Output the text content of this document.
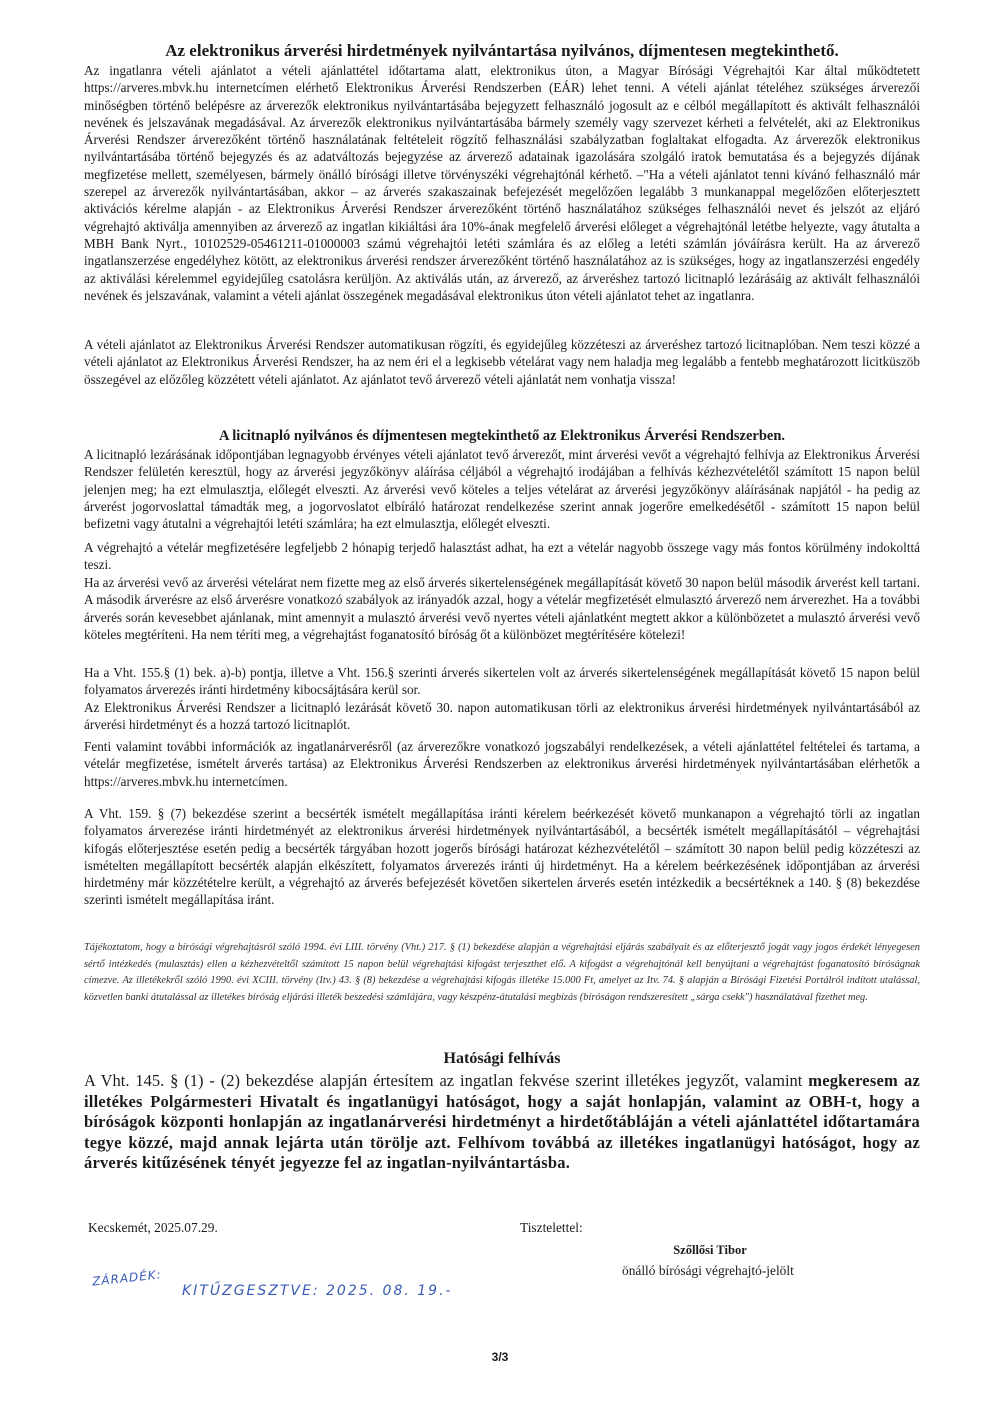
Az elektronikus árverési hirdetmények nyilvántartása nyilvános, díjmentesen megtekinthető.

Az ingatlanra vételi ajánlatot a vételi ajánlattétel időtartama alatt, elektronikus úton, a Magyar Bírósági Végrehajtói Kar által működtetett https://arveres.mbvk.hu internetcímen elérhető Elektronikus Árverési Rendszerben (EÁR) lehet tenni. A vételi ajánlat tételéhez szükséges árverezői minőségben történő belépésre az árverezők elektronikus nyilvántartásába bejegyzett felhasználó jogosult az e célból megállapított és aktivált felhasználói nevének és jelszavának megadásával. Az árverezők elektronikus nyilvántartásába bármely személy vagy szervezet kérheti a felvételét, aki az Elektronikus Árverési Rendszer árverezőként történő használatának feltételeit rögzítő felhasználási szabályzatban foglaltakat elfogadta. Az árverezők elektronikus nyilvántartásába történő bejegyzés és az adatváltozás bejegyzése az árverező adatainak igazolására szolgáló iratok bemutatása és a bejegyzés díjának megfizetése mellett, személyesen, bármely önálló bírósági illetve törvényszéki végrehajtónál kérhető. –"Ha a vételi ajánlatot tenni kívánó felhasználó már szerepel az árverezők nyilvántartásában, akkor – az árverés szakaszainak befejezését megelőzően legalább 3 munkanappal megelőzően előterjesztett aktivációs kérelme alapján - az Elektronikus Árverési Rendszer árverezőként történő használatához szükséges felhasználói nevet és jelszót az eljáró végrehajtó aktiválja amennyiben az árverező az ingatlan kikiáltási ára 10%-ának megfelelő árverési előleget a végrehajtónál letétbe helyezte, vagy átutalta a MBH Bank Nyrt., 10102529-05461211-01000003 számú végrehajtói letéti számlára és az előleg a letéti számlán jóváírásra került. Ha az árverező ingatlanszerzése engedélyhez kötött, az elektronikus árverési rendszer árverezőként történő használatához az is szükséges, hogy az ingatlanszerzési engedély az aktiválási kérelemmel egyidejűleg csatolásra kerüljön. Az aktiválás után, az árverező, az árveréshez tartozó licitnapló lezárásáig az aktivált felhasználói nevének és jelszavának, valamint a vételi ajánlat összegének megadásával elektronikus úton vételi ajánlatot tehet az ingatlanra.

A vételi ajánlatot az Elektronikus Árverési Rendszer automatikusan rögzíti, és egyidejűleg közzéteszi az árveréshez tartozó licitnaplóban. Nem teszi közzé a vételi ajánlatot az Elektronikus Árverési Rendszer, ha az nem éri el a legkisebb vételárat vagy nem haladja meg legalább a fentebb meghatározott licitküszöb összegével az előzőleg közzétett vételi ajánlatot. Az ajánlatot tevő árverező vételi ajánlatát nem vonhatja vissza!

A licitnapló nyilvános és díjmentesen megtekinthető az Elektronikus Árverési Rendszerben.

A licitnapló lezárásának időpontjában legnagyobb érvényes vételi ajánlatot tevő árverezőt, mint árverési vevőt a végrehajtó felhívja az Elektronikus Árverési Rendszer felületén keresztül, hogy az árverési jegyzőkönyv aláírása céljából a végrehajtó irodájában a felhívás kézhezvételétől számított 15 napon belül jelenjen meg; ha ezt elmulasztja, előlegét elveszti. Az árverési vevő köteles a teljes vételárat az árverési jegyzőkönyv aláírásának napjától - ha pedig az árverést jogorvoslattal támadták meg, a jogorvoslatot elbíráló határozat rendelkezése szerint annak jogerőre emelkedésétől - számított 15 napon belül befizetni vagy átutalni a végrehajtói letéti számlára; ha ezt elmulasztja, előlegét elveszti.

A végrehajtó a vételár megfizetésére legfeljebb 2 hónapig terjedő halasztást adhat, ha ezt a vételár nagyobb összege vagy más fontos körülmény indokolttá teszi.

Ha az árverési vevő az árverési vételárat nem fizette meg az első árverés sikertelenségének megállapítását követő 30 napon belül második árverést kell tartani. A második árverésre az első árverésre vonatkozó szabályok az irányadók azzal, hogy a vételár megfizetését elmulasztó árverező nem árverezhet. Ha a további árverés során kevesebbet ajánlanak, mint amennyit a mulasztó árverési vevő nyertes vételi ajánlatként megtett akkor a különbözetet a mulasztó árverési vevő köteles megtéríteni. Ha nem téríti meg, a végrehajtást foganatosító bíróság őt a különbözet megtérítésére kötelezi!

Ha a Vht. 155.§ (1) bek. a)-b) pontja, illetve a Vht. 156.§ szerinti árverés sikertelen volt az árverés sikertelenségének megállapítását követő 15 napon belül folyamatos árverezés iránti hirdetmény kibocsájtására kerül sor.

Az Elektronikus Árverési Rendszer a licitnapló lezárását követő 30. napon automatikusan törli az elektronikus árverési hirdetmények nyilvántartásából az árverési hirdetményt és a hozzá tartozó licitnaplót.

Fenti valamint további információk az ingatlanárverésről (az árverezőkre vonatkozó jogszabályi rendelkezések, a vételi ajánlattétel feltételei és tartama, a vételár megfizetése, ismételt árverés tartása) az Elektronikus Árverési Rendszerben az elektronikus árverési hirdetmények nyilvántartásában elérhetők a https://arveres.mbvk.hu internetcímen.

A Vht. 159. § (7) bekezdése szerint a becsérték ismételt megállapítása iránti kérelem beérkezését követő munkanapon a végrehajtó törli az ingatlan folyamatos árverezése iránti hirdetményét az elektronikus árverési hirdetmények nyilvántartásából, a becsérték ismételt megállapításától – végrehajtási kifogás előterjesztése esetén pedig a becsérték tárgyában hozott jogerős bírósági határozat kézhezvételétől – számított 30 napon belül pedig közzéteszi az ismételten megállapított becsérték alapján elkészített, folyamatos árverezés iránti új hirdetményt. Ha a kérelem beérkezésének időpontjában az árverési hirdetmény már közzétételre került, a végrehajtó az árverés befejezését követően sikertelen árverés esetén intézkedik a becsértéknek a 140. § (8) bekezdése szerinti ismételt megállapítása iránt.

Tájékoztatom, hogy a bírósági végrehajtásról szóló 1994. évi LIII. törvény (Vht.) 217. § (1) bekezdése alapján a végrehajtási eljárás szabályait és az előterjesztő jogát vagy jogos érdekét lényegesen sértő intézkedés (mulasztás) ellen a kézhezvételtől számított 15 napon belül végrehajtási kifogást terjeszthet elő. A kifogást a végrehajtónál kell benyújtani a végrehajtást foganatosító bíróságnak címezve. Az illetékekről szóló 1990. évi XCIII. törvény (Itv.) 43. § (8) bekezdése a végrehajtási kifogás illetéke 15.000 Ft, amelyet az Itv. 74. § alapján a Bírósági Fizetési Portálról indított utalással, közvetlen banki átutalással az illetékes bíróság eljárási illeték beszedési számlájára, vagy készpénz-átutalási megbízás (bíróságon rendszeresített „sárga csekk") használatával fizethet meg.
Hatósági felhívás
A Vht. 145. § (1) - (2) bekezdése alapján értesítem az ingatlan fekvése szerint illetékes jegyzőt, valamint megkeresem az illetékes Polgármesteri Hivatalt és ingatlanügyi hatóságot, hogy a saját honlapján, valamint az OBH-t, hogy a bíróságok központi honlapján az ingatlanárverési hirdetményt a hirdetőtábláján a vételi ajánlattétel időtartamára tegye közzé, majd annak lejárta után törölje azt. Felhívom továbbá az illetékes ingatlanügyi hatóságot, hogy az árverés kitűzésének tényét jegyezze fel az ingatlan-nyilvántartásba.
Kecskemét, 2025.07.29.	Tisztelettel:
Szőllősi Tibor
önálló bírósági végrehajtó-jelölt
ZÁRADÉK:
KITŰZGESZTVE: 2025. 08. 19.-
3/3
